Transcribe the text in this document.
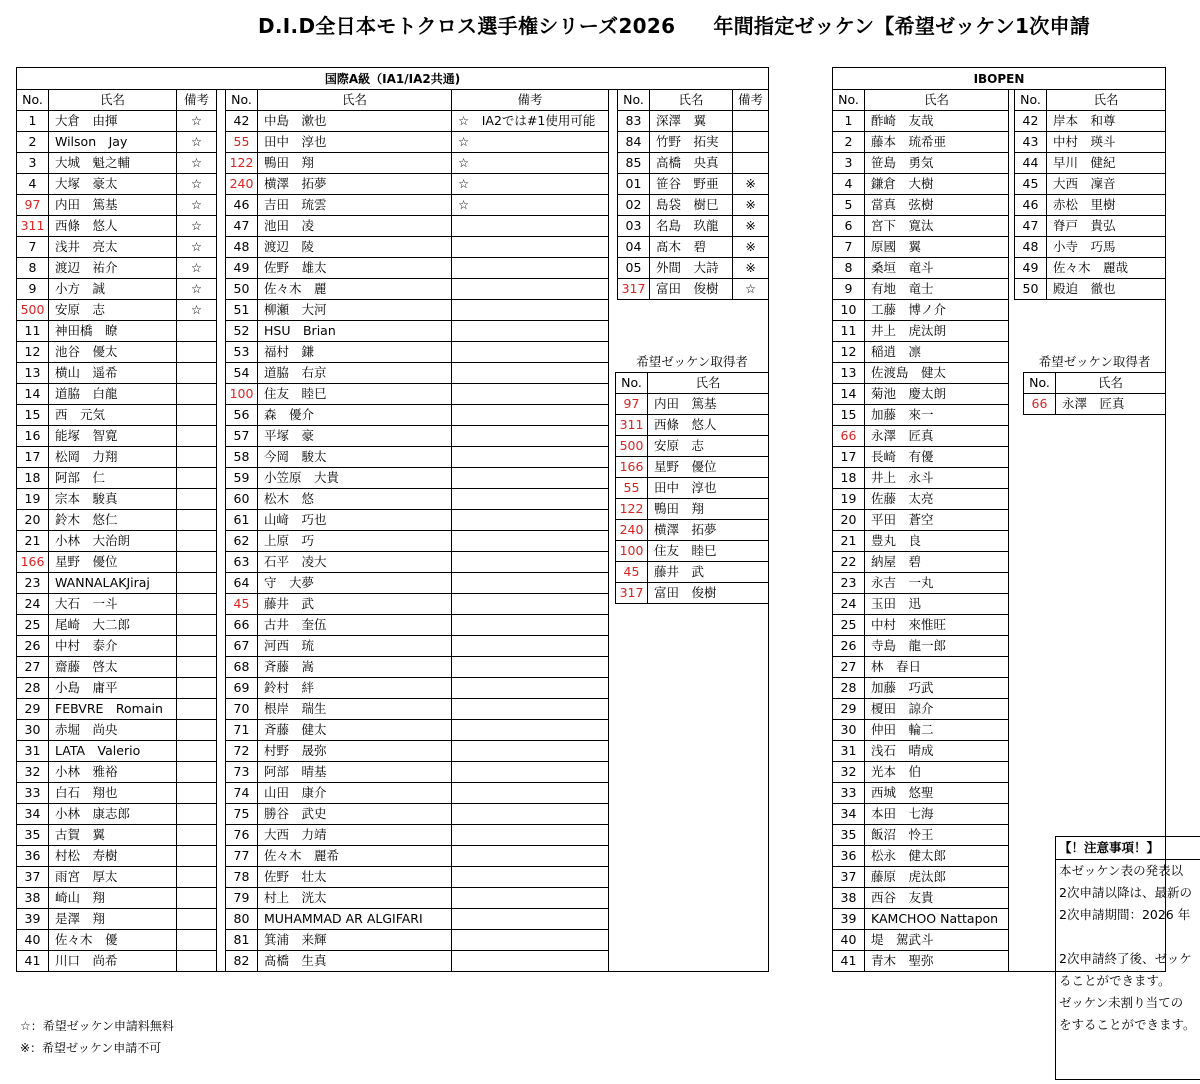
D.I.D全日本モトクロス選手権シリーズ2026 年間指定ゼッケン【希望ゼッケン1次申請
国際A級（IA1/IA2共通)										
No.	氏名	備考		No.	氏名	備考		No.	氏名	備考
1	大倉　由揮	☆		42	中島　漱也	☆　IA2では#1使用可能		83	深澤　翼	
2	Wilson　Jay	☆		55	田中　淳也	☆		84	竹野　拓実	
3	大城　魁之輔	☆		122	鴨田　翔	☆		85	高橋　央真	
4	大塚　豪太	☆		240	横澤　拓夢	☆		01	笹谷　野亜	※
97	内田　篤基	☆		46	吉田　琉雲	☆		02	島袋　樹巳	※
311	西條　悠人	☆		47	池田　凌			03	名島　玖龍	※
7	浅井　亮太	☆		48	渡辺　陵			04	髙木　碧	※
8	渡辺　祐介	☆		49	佐野　雄太			05	外間　大詩	※
9	小方　誠	☆		50	佐々木　麗			317	富田　俊樹	☆
500	安原　志	☆		51	柳瀬　大河					
11	神田橋　瞭			52	HSU　Brian					
12	池谷　優太			53	福村　鎌					
13	横山　遥希			54	道脇　右京					
14	道脇　白龍			100	住友　睦巳					
15	西　元気			56	森　優介					
16	能塚　智寛			57	平塚　豪					
17	松岡　力翔			58	今岡　駿太					
18	阿部　仁			59	小笠原　大貴					
19	宗本　駿真			60	松木　悠					
20	鈴木　悠仁			61	山﨑　巧也					
21	小林　大治朗			62	上原　巧					
166	星野　優位			63	石平　凌大					
23	WANNALAKJiraj			64	守　大夢					
24	大石　一斗			45	藤井　武					
25	尾崎　大二郎			66	古井　奎伍					
26	中村　泰介			67	河西　琉					
27	齋藤　啓太			68	斉藤　嵩					
28	小島　庸平			69	鈴村　絆					
29	FEBVRE　Romain			70	根岸　瑞生					
30	赤堀　尚央			71	斉藤　健太					
31	LATA　Valerio			72	村野　晟弥					
32	小林　雅裕			73	阿部　晴基					
33	白石　翔也			74	山田　康介					
34	小林　康志郎			75	勝谷　武史					
35	古賀　翼			76	大西　力靖					
36	村松　寿樹			77	佐々木　麗希					
37	雨宮　厚太			78	佐野　壮太					
38	崎山　翔			79	村上　洸太					
39	是澤　翔			80	MUHAMMAD AR ALGIFARI					
40	佐々木　優			81	箕浦　来輝					
41	川口　尚希			82	髙橋　生真					
希望ゼッケン取得者	
No.	氏名
97	内田　篤基
311	西條　悠人
500	安原　志
166	星野　優位
55	田中　淳也
122	鴨田　翔
240	横澤　拓夢
100	住友　睦巳
45	藤井　武
317	富田　俊樹
IBOPEN				
No.	氏名		No.	氏名
1	酢崎　友哉		42	岸本　和尊
2	藤本　琉希亜		43	中村　瑛斗
3	笹島　勇気		44	早川　健紀
4	鎌倉　大樹		45	大西　凜音
5	當真　弦樹		46	赤松　里樹
6	宮下　寛汰		47	脊戸　貴弘
7	原國　翼		48	小寺　巧馬
8	桑垣　竜斗		49	佐々木　麗哉
9	有地　竜士		50	殿迫　徹也
10	工藤　博ノ介			
11	井上　虎汰朗			
12	稲逍　凛			
13	佐渡島　健太			
14	菊池　慶太朗			
15	加藤　來一			
66	永澤　匠真			
17	長崎　有優			
18	井上　永斗			
19	佐藤　太亮			
20	平田　蒼空			
21	豊丸　良			
22	納屋　碧			
23	永吉　一丸			
24	玉田　迅			
25	中村　來惟旺			
26	寺島　龍一郎			
27	林　春日			
28	加藤　巧武			
29	榎田　諒介			
30	仲田　輪二			
31	浅石　晴成			
32	光本　伯			
33	西城　悠聖			
34	本田　七海			
35	飯沼　怜王			
36	松永　健太郎			
37	藤原　虎汰郎			
38	西谷　友貴			
39	KAMCHOO Nattapon			
40	堤　駕武斗			
41	青木　聖弥			
希望ゼッケン取得者	
No.	氏名
66	永澤　匠真
☆：希望ゼッケン申請料無料
※：希望ゼッケン申請不可
【！注意事項！】

本ゼッケン表の発表以

2次申請以降は、最新の

2次申請期間：2026 年

2次申請終了後、ゼッケ

ることができます。

ゼッケン未割り当ての

をすることができます。
